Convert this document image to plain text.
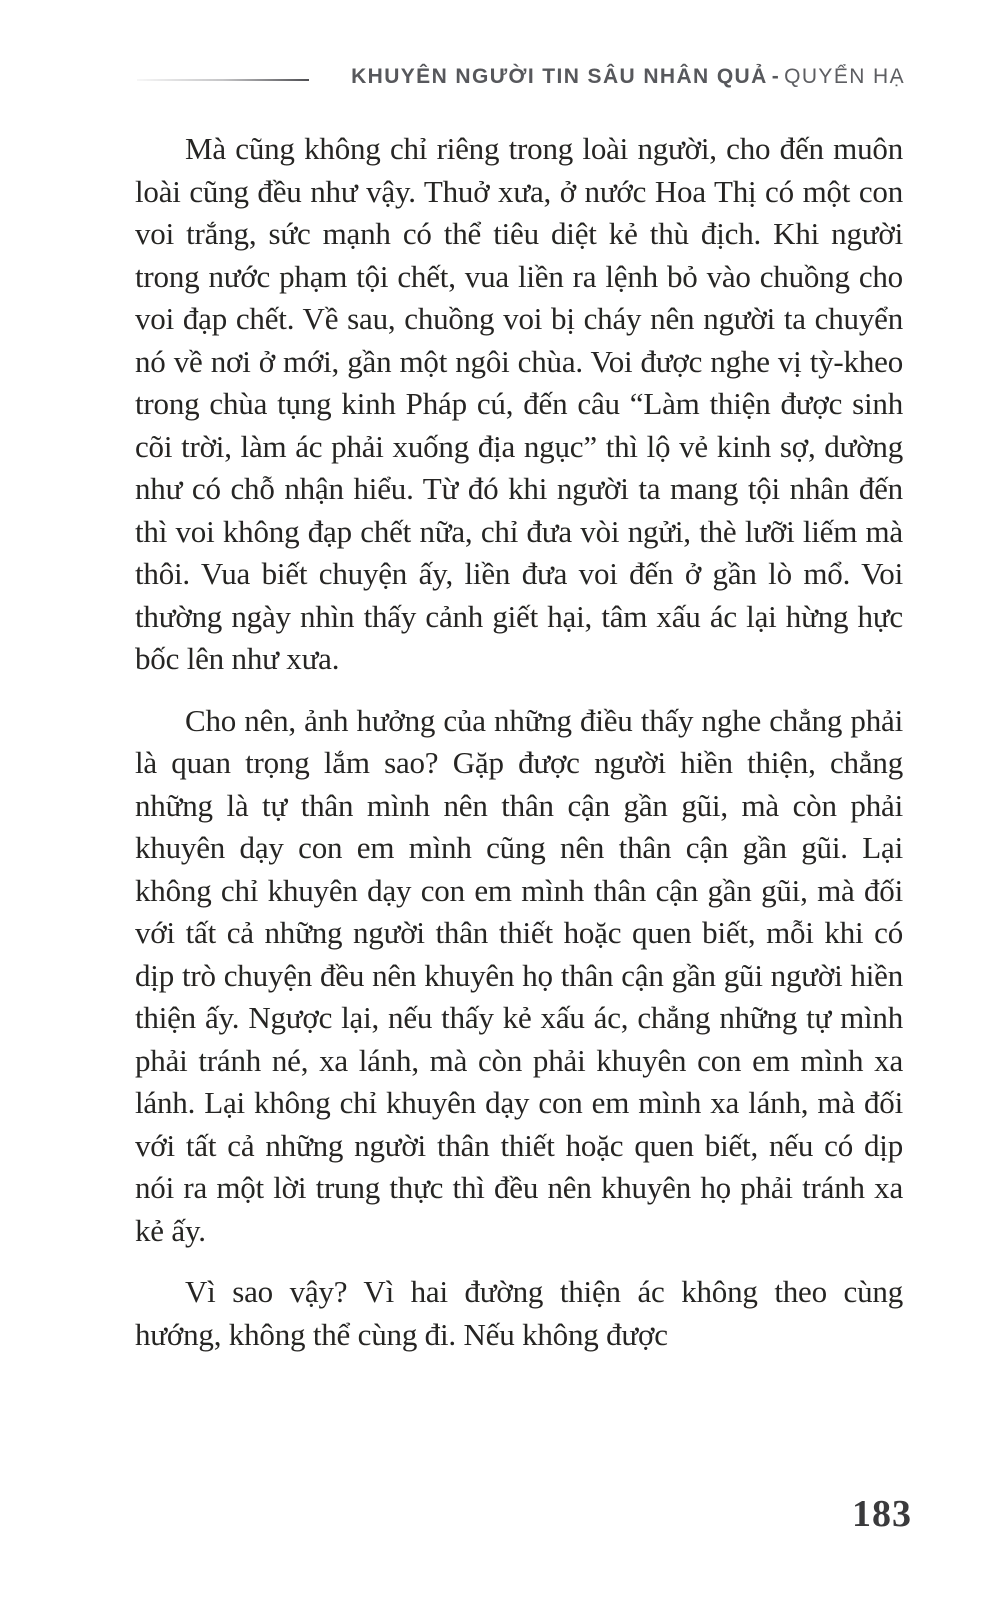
KHUYÊN NGƯỜI TIN SÂU NHÂN QUẢ - QUYỂN HẠ

Mà cũng không chỉ riêng trong loài người, cho đến muôn loài cũng đều như vậy. Thuở xưa, ở nước Hoa Thị có một con voi trắng, sức mạnh có thể tiêu diệt kẻ thù địch. Khi người trong nước phạm tội chết, vua liền ra lệnh bỏ vào chuồng cho voi đạp chết. Về sau, chuồng voi bị cháy nên người ta chuyển nó về nơi ở mới, gần một ngôi chùa. Voi được nghe vị tỳ-kheo trong chùa tụng kinh Pháp cú, đến câu “Làm thiện được sinh cõi trời, làm ác phải xuống địa ngục” thì lộ vẻ kinh sợ, dường như có chỗ nhận hiểu. Từ đó khi người ta mang tội nhân đến thì voi không đạp chết nữa, chỉ đưa vòi ngửi, thè lưỡi liếm mà thôi. Vua biết chuyện ấy, liền đưa voi đến ở gần lò mổ. Voi thường ngày nhìn thấy cảnh giết hại, tâm xấu ác lại hừng hực bốc lên như xưa.

Cho nên, ảnh hưởng của những điều thấy nghe chẳng phải là quan trọng lắm sao? Gặp được người hiền thiện, chẳng những là tự thân mình nên thân cận gần gũi, mà còn phải khuyên dạy con em mình cũng nên thân cận gần gũi. Lại không chỉ khuyên dạy con em mình thân cận gần gũi, mà đối với tất cả những người thân thiết hoặc quen biết, mỗi khi có dịp trò chuyện đều nên khuyên họ thân cận gần gũi người hiền thiện ấy. Ngược lại, nếu thấy kẻ xấu ác, chẳng những tự mình phải tránh né, xa lánh, mà còn phải khuyên con em mình xa lánh. Lại không chỉ khuyên dạy con em mình xa lánh, mà đối với tất cả những người thân thiết hoặc quen biết, nếu có dịp nói ra một lời trung thực thì đều nên khuyên họ phải tránh xa kẻ ấy.

Vì sao vậy? Vì hai đường thiện ác không theo cùng hướng, không thể cùng đi. Nếu không được

183
